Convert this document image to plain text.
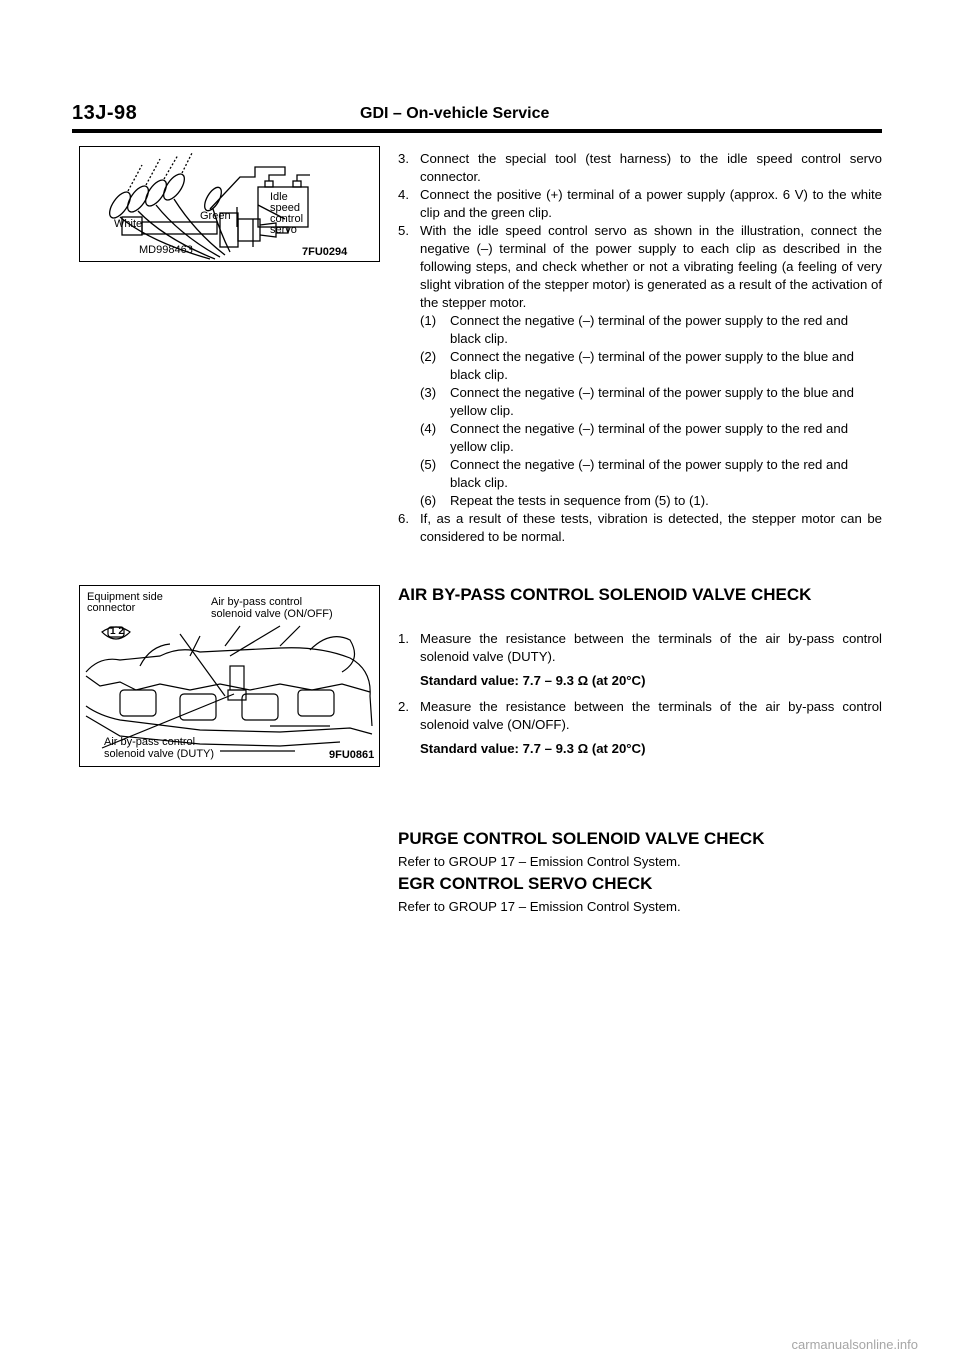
13J-98	GDI – On-vehicle Service
White
Green
Idle
speed
control
servo
MD998463	7FU0294
Equipment side
connector	Air by-pass control
solenoid valve (ON/OFF)
1 2
Air by-pass control
solenoid valve (DUTY)	9FU0861
3. Connect the special tool (test harness) to the idle speed control servo connector.
4. Connect the positive (+) terminal of a power supply (approx. 6 V) to the white clip and the green clip.
5. With the idle speed control servo as shown in the illustration, connect the negative (–) terminal of the power supply to each clip as described in the following steps, and check whether or not a vibrating feeling (a feeling of very slight vibration of the stepper motor) is generated as a result of the activation of the stepper motor.
(1)	Connect the negative (–) terminal of the power supply to the red and black clip.
(2)	Connect the negative (–) terminal of the power supply to the blue and black clip.
(3)	Connect the negative (–) terminal of the power supply to the blue and yellow clip.
(4)	Connect the negative (–) terminal of the power supply to the red and yellow clip.
(5)	Connect the negative (–) terminal of the power supply to the red and black clip.
(6)	Repeat the tests in sequence from (5) to (1).
6. If, as a result of these tests, vibration is detected, the stepper motor can be considered to be normal.
AIR BY-PASS CONTROL SOLENOID VALVE CHECK
1. Measure the resistance between the terminals of the air by-pass control solenoid valve (DUTY).
Standard value: 7.7 – 9.3 Ω (at 20°C)
2. Measure the resistance between the terminals of the air by-pass control solenoid valve (ON/OFF).
Standard value: 7.7 – 9.3 Ω (at 20°C)
PURGE CONTROL SOLENOID VALVE CHECK
Refer to GROUP 17 – Emission Control System.
EGR CONTROL SERVO CHECK
Refer to GROUP 17 – Emission Control System.
carmanualsonline.info
